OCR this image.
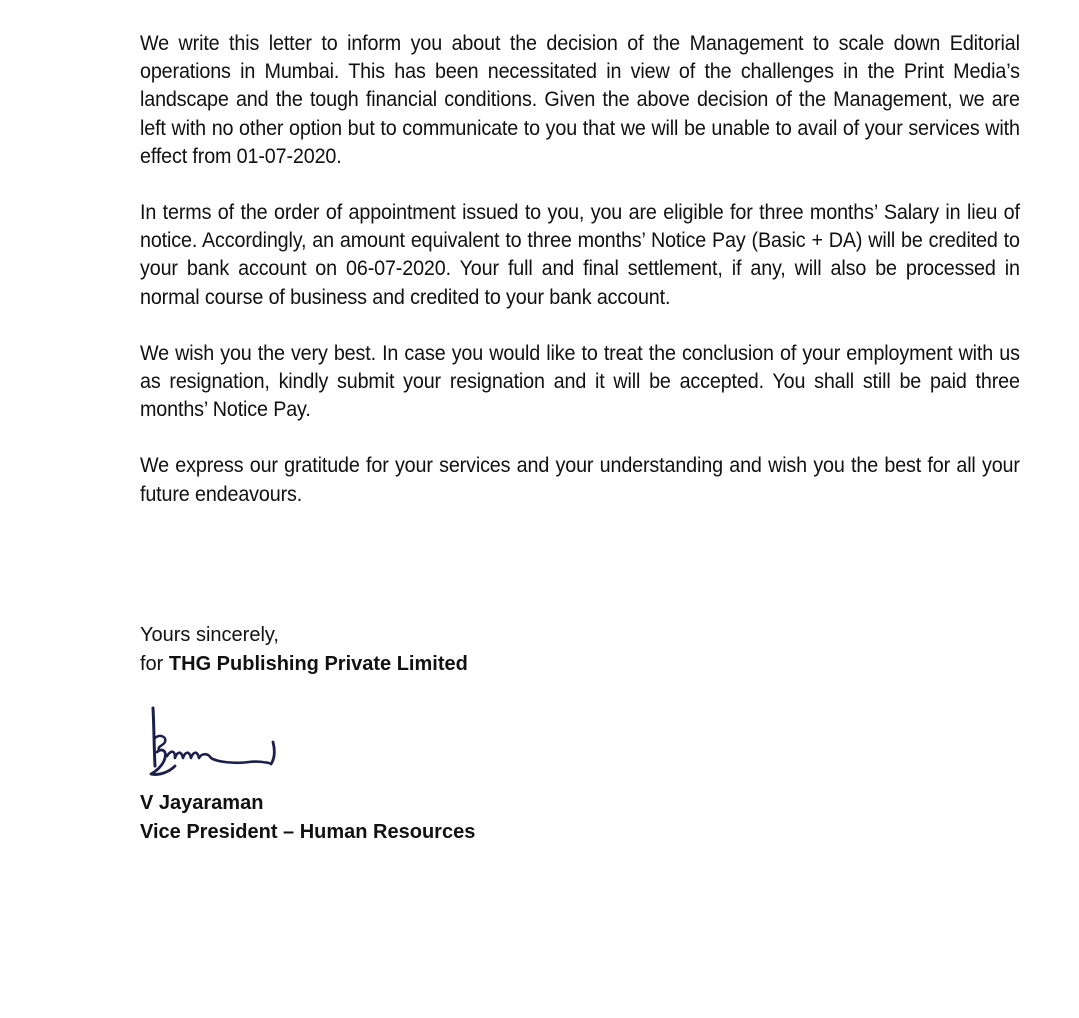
We write this letter to inform you about the decision of the Management to scale down Editorial operations in Mumbai. This has been necessitated in view of the challenges in the Print Media’s landscape and the tough financial conditions. Given the above decision of the Management, we are left with no other option but to communicate to you that we will be unable to avail of your services with effect from 01-07-2020.

In terms of the order of appointment issued to you, you are eligible for three months’ Salary in lieu of notice. Accordingly, an amount equivalent to three months’ Notice Pay (Basic + DA) will be credited to your bank account on 06-07-2020. Your full and final settlement, if any, will also be processed in normal course of business and credited to your bank account.

We wish you the very best. In case you would like to treat the conclusion of your employment with us as resignation, kindly submit your resignation and it will be accepted. You shall still be paid three months’ Notice Pay.

We express our gratitude for your services and your understanding and wish you the best for all your future endeavours.

Yours sincerely,
for THG Publishing Private Limited
V Jayaraman
Vice President – Human Resources
